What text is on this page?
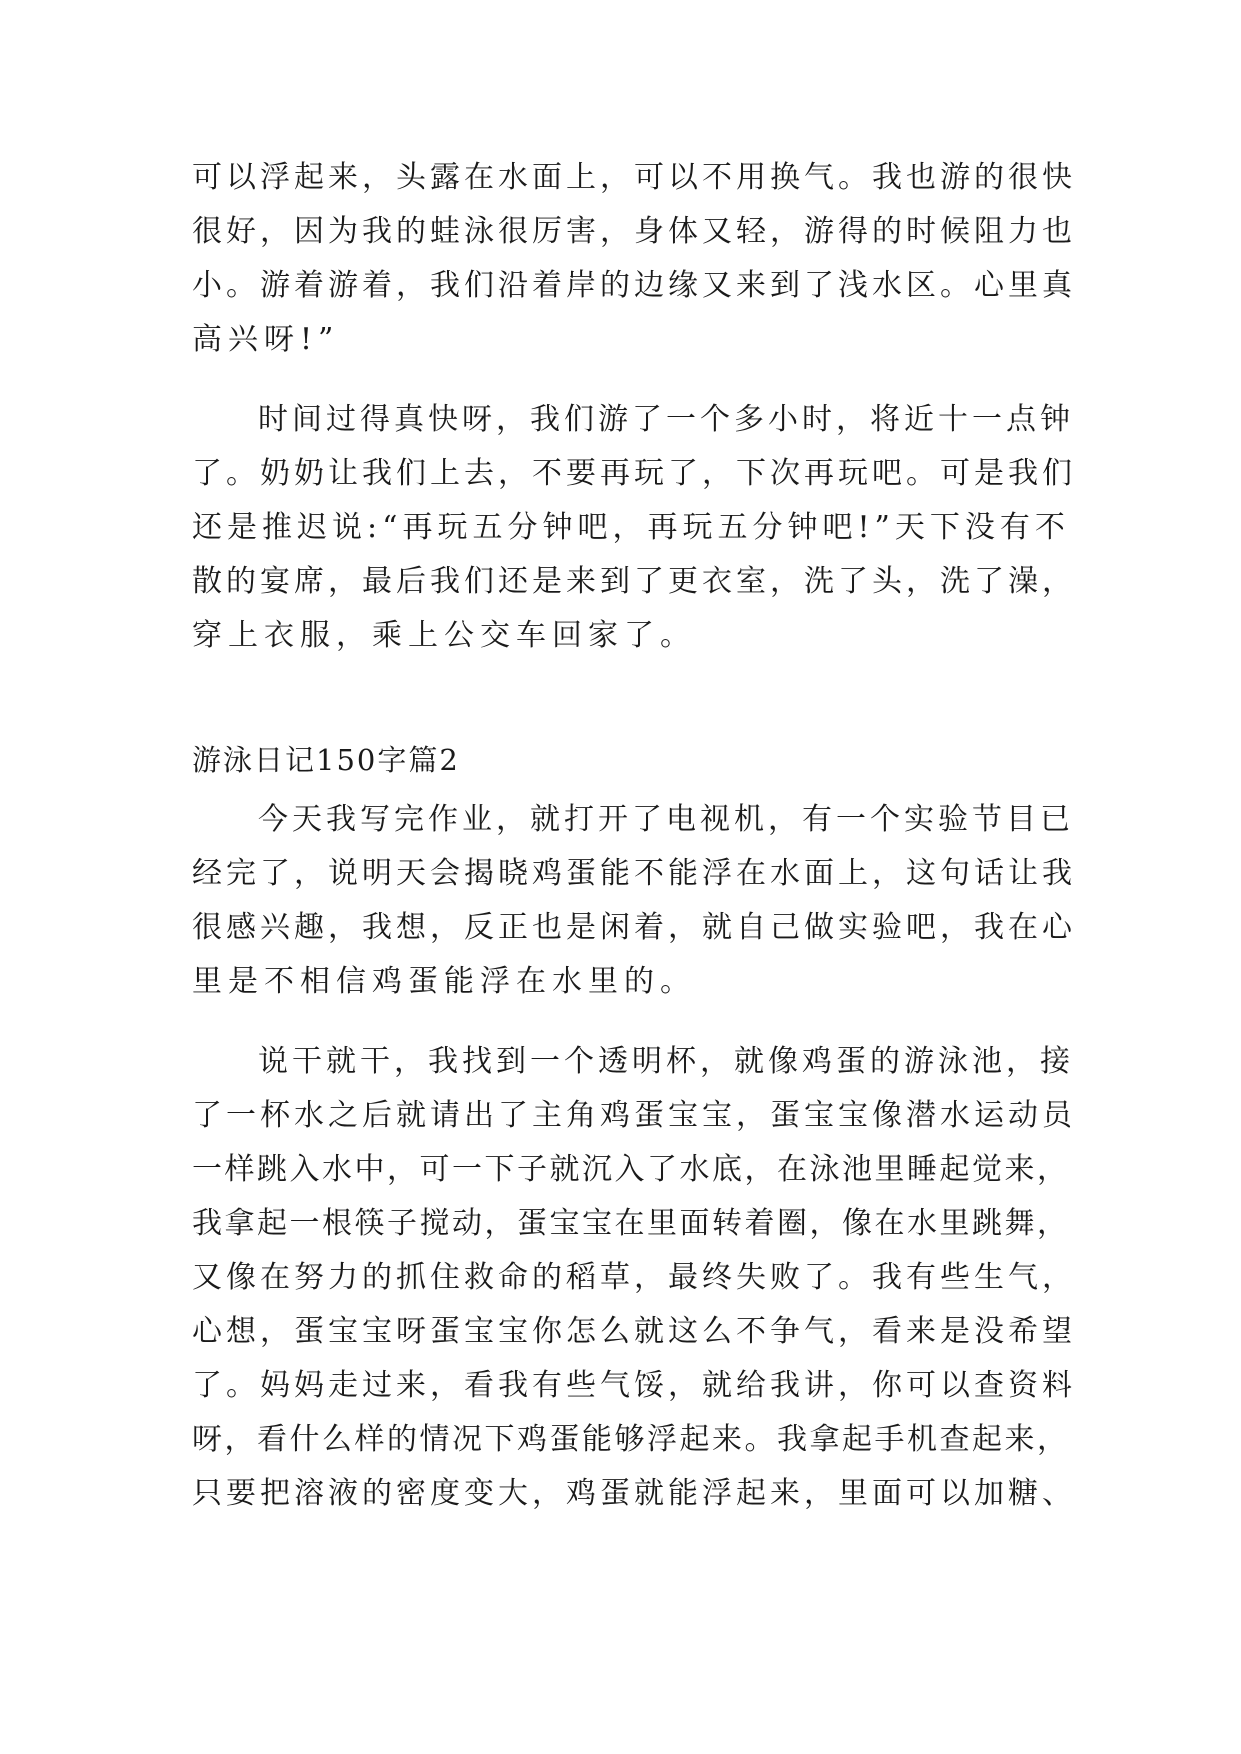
可以浮起来，头露在水面上，可以不用换气。我也游的很快
很好，因为我的蛙泳很厉害，身体又轻，游得的时候阻力也
小。游着游着，我们沿着岸的边缘又来到了浅水区。心里真
高兴呀!”
时间过得真快呀，我们游了一个多小时，将近十一点钟
了。奶奶让我们上去，不要再玩了，下次再玩吧。可是我们
还是推迟说:“再玩五分钟吧，再玩五分钟吧!”天下没有不
散的宴席，最后我们还是来到了更衣室，洗了头，洗了澡，
穿上衣服，乘上公交车回家了。
游泳日记150字篇2
今天我写完作业，就打开了电视机，有一个实验节目已
经完了，说明天会揭晓鸡蛋能不能浮在水面上，这句话让我
很感兴趣，我想，反正也是闲着，就自己做实验吧，我在心
里是不相信鸡蛋能浮在水里的。
说干就干，我找到一个透明杯，就像鸡蛋的游泳池，接
了一杯水之后就请出了主角鸡蛋宝宝，蛋宝宝像潜水运动员
一样跳入水中，可一下子就沉入了水底，在泳池里睡起觉来，
我拿起一根筷子搅动，蛋宝宝在里面转着圈，像在水里跳舞，
又像在努力的抓住救命的稻草，最终失败了。我有些生气，
心想，蛋宝宝呀蛋宝宝你怎么就这么不争气，看来是没希望
了。妈妈走过来，看我有些气馁，就给我讲，你可以查资料
呀，看什么样的情况下鸡蛋能够浮起来。我拿起手机查起来，
只要把溶液的密度变大，鸡蛋就能浮起来，里面可以加糖、
